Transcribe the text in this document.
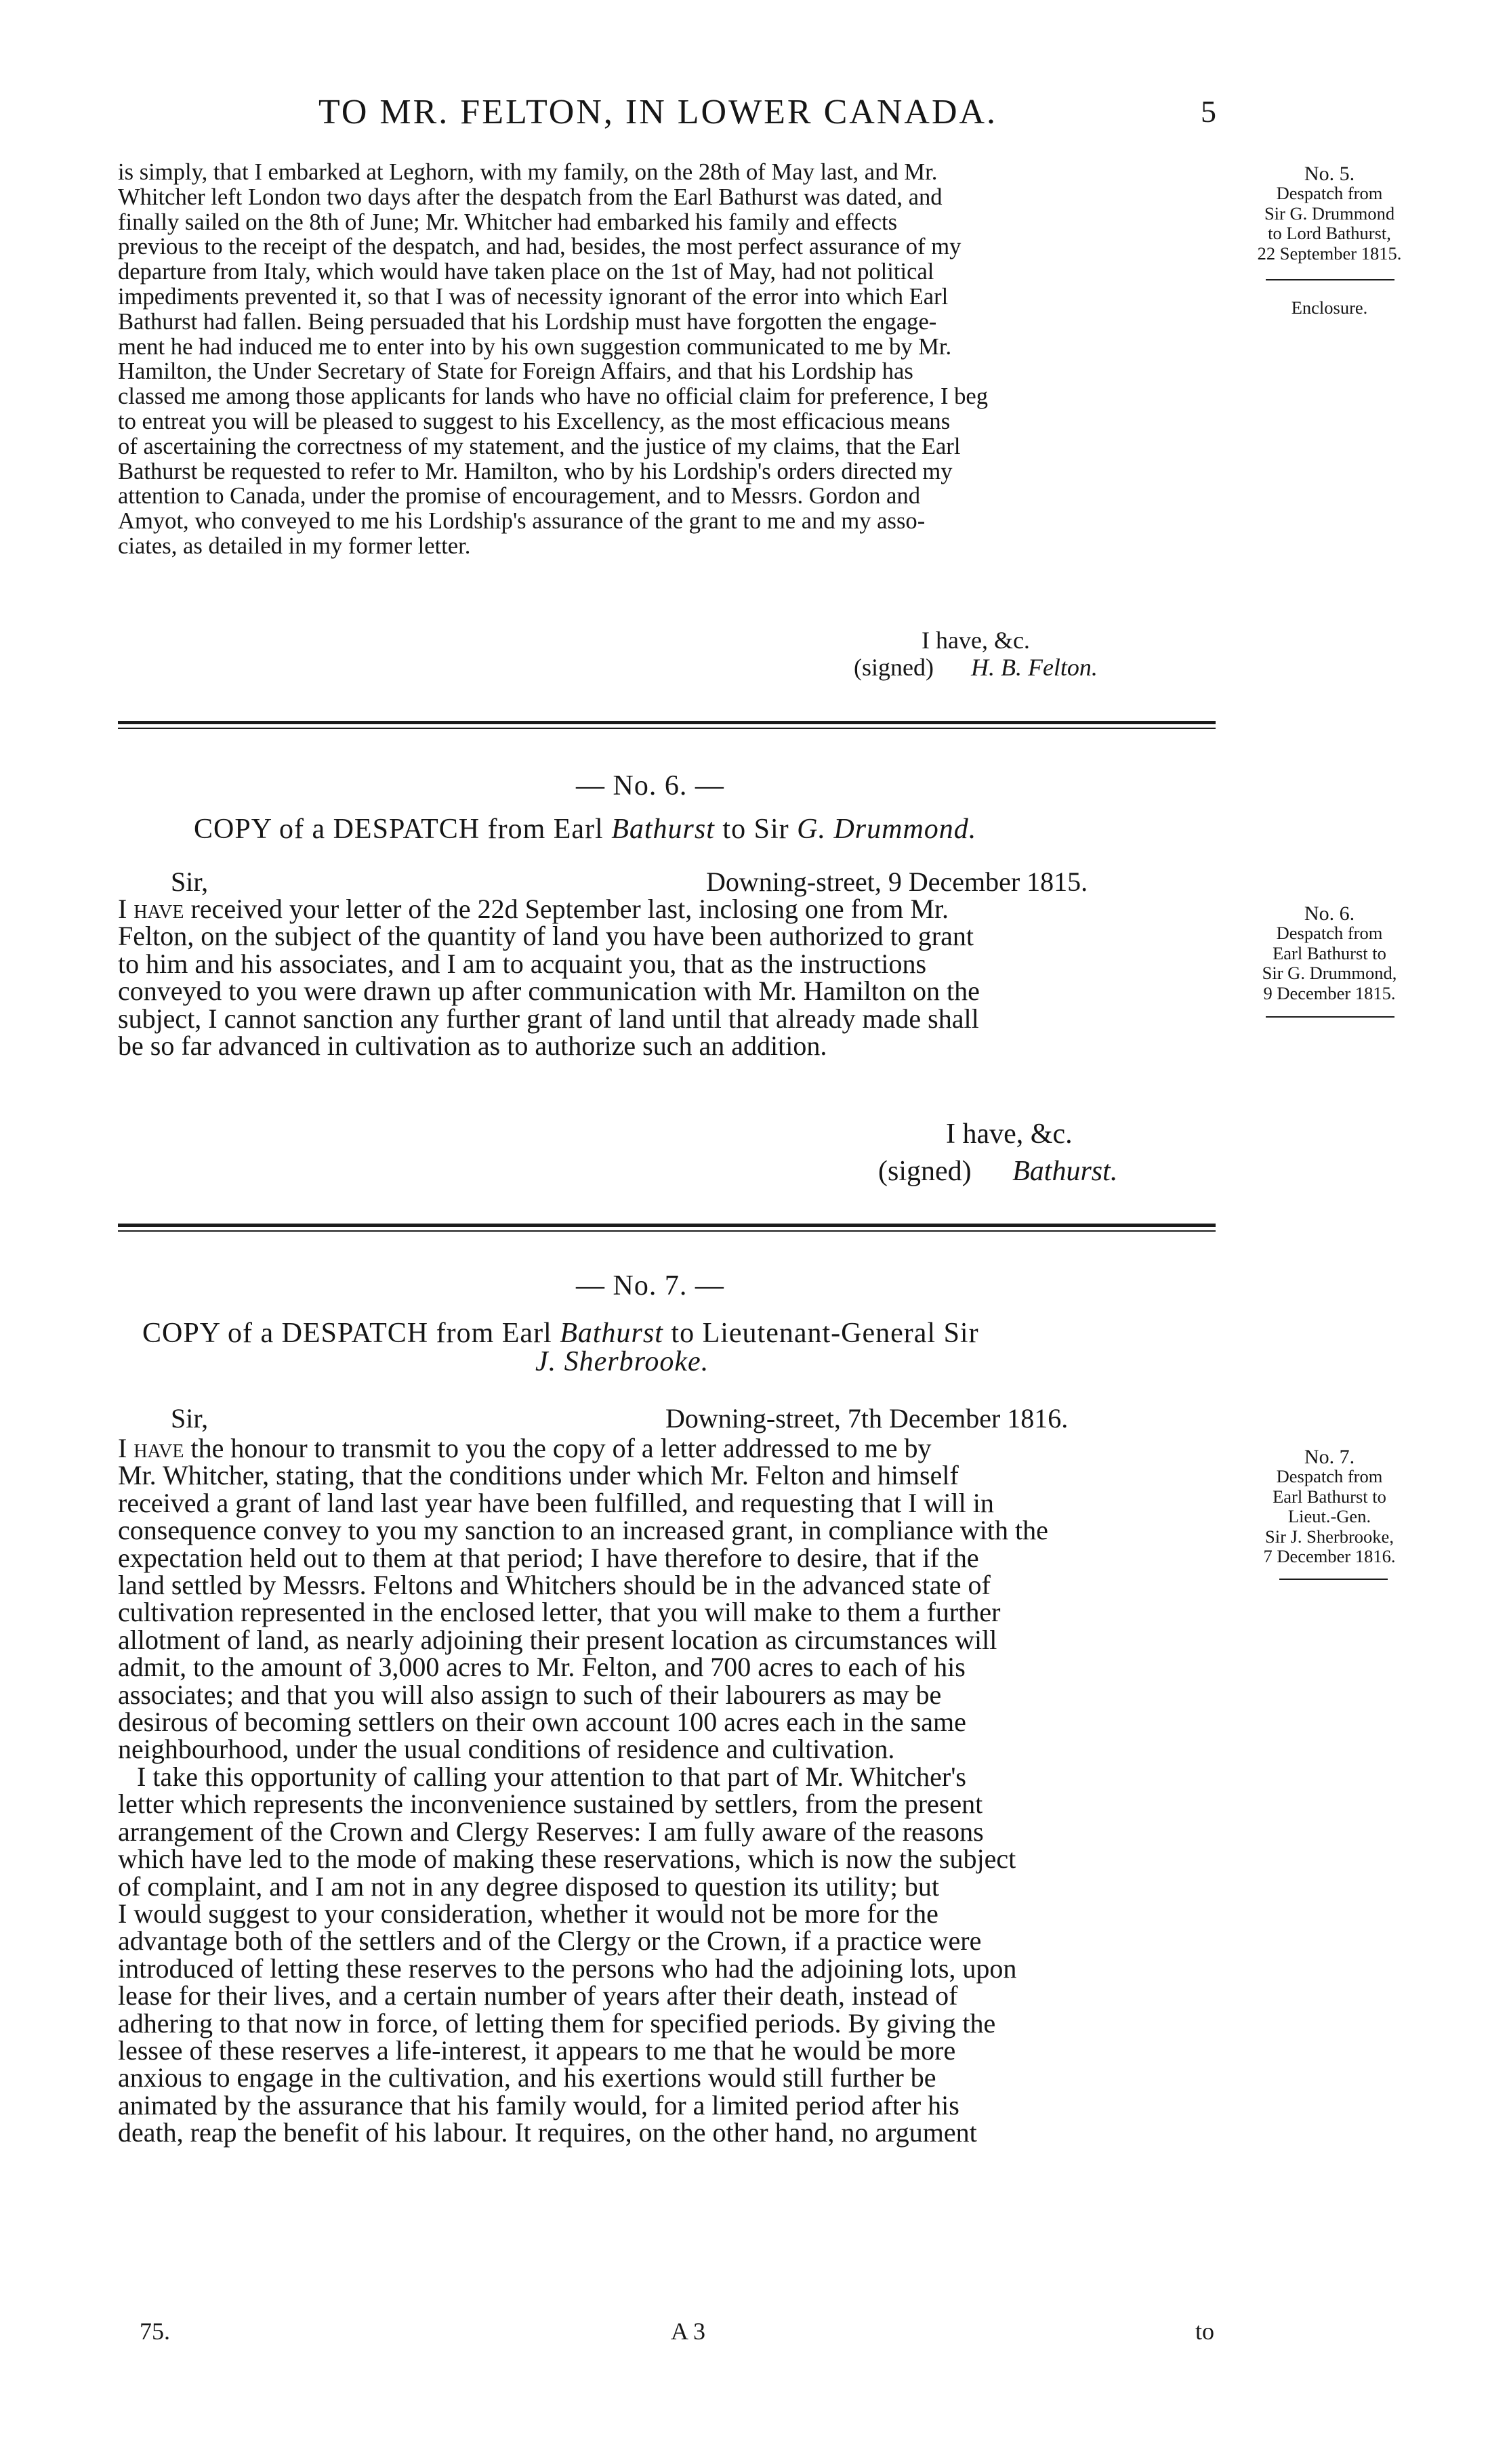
TO MR. FELTON, IN LOWER CANADA.	5

is simply, that I embarked at Leghorn, with my family, on the 28th of May last, and Mr.

Whitcher left London two days after the despatch from the Earl Bathurst was dated, and

finally sailed on the 8th of June; Mr. Whitcher had embarked his family and effects

previous to the receipt of the despatch, and had, besides, the most perfect assurance of my

departure from Italy, which would have taken place on the 1st of May, had not political

impediments prevented it, so that I was of necessity ignorant of the error into which Earl

Bathurst had fallen. Being persuaded that his Lordship must have forgotten the engage-

ment he had induced me to enter into by his own suggestion communicated to me by Mr.

Hamilton, the Under Secretary of State for Foreign Affairs, and that his Lordship has

classed me among those applicants for lands who have no official claim for preference, I beg

to entreat you will be pleased to suggest to his Excellency, as the most efficacious means

of ascertaining the correctness of my statement, and the justice of my claims, that the Earl

Bathurst be requested to refer to Mr. Hamilton, who by his Lordship's orders directed my

attention to Canada, under the promise of encouragement, and to Messrs. Gordon and

Amyot, who conveyed to me his Lordship's assurance of the grant to me and my asso-

ciates, as detailed in my former letter.

I have, &c.
(signed) H. B. Felton.
No. 5.
Despatch from
Sir G. Drummond
to Lord Bathurst,
22 September 1815.
Enclosure.
— No. 6. —
COPY of a DESPATCH from Earl Bathurst to Sir G. Drummond.
Sir,	Downing-street, 9 December 1815.

I have received your letter of the 22d September last, inclosing one from Mr.

Felton, on the subject of the quantity of land you have been authorized to grant

to him and his associates, and I am to acquaint you, that as the instructions

conveyed to you were drawn up after communication with Mr. Hamilton on the

subject, I cannot sanction any further grant of land until that already made shall

be so far advanced in cultivation as to authorize such an addition.

I have, &c.
(signed) Bathurst.
No. 6.
Despatch from
Earl Bathurst to
Sir G. Drummond,
9 December 1815.
— No. 7. —
COPY of a DESPATCH from Earl Bathurst to Lieutenant-General Sir
J. Sherbrooke.
Sir,	Downing-street, 7th December 1816.

I have the honour to transmit to you the copy of a letter addressed to me by

Mr. Whitcher, stating, that the conditions under which Mr. Felton and himself

received a grant of land last year have been fulfilled, and requesting that I will in

consequence convey to you my sanction to an increased grant, in compliance with the

expectation held out to them at that period; I have therefore to desire, that if the

land settled by Messrs. Feltons and Whitchers should be in the advanced state of

cultivation represented in the enclosed letter, that you will make to them a further

allotment of land, as nearly adjoining their present location as circumstances will

admit, to the amount of 3,000 acres to Mr. Felton, and 700 acres to each of his

associates; and that you will also assign to such of their labourers as may be

desirous of becoming settlers on their own account 100 acres each in the same

neighbourhood, under the usual conditions of residence and cultivation.

I take this opportunity of calling your attention to that part of Mr. Whitcher's

letter which represents the inconvenience sustained by settlers, from the present

arrangement of the Crown and Clergy Reserves: I am fully aware of the reasons

which have led to the mode of making these reservations, which is now the subject

of complaint, and I am not in any degree disposed to question its utility; but

I would suggest to your consideration, whether it would not be more for the

advantage both of the settlers and of the Clergy or the Crown, if a practice were

introduced of letting these reserves to the persons who had the adjoining lots, upon

lease for their lives, and a certain number of years after their death, instead of

adhering to that now in force, of letting them for specified periods. By giving the

lessee of these reserves a life-interest, it appears to me that he would be more

anxious to engage in the cultivation, and his exertions would still further be

animated by the assurance that his family would, for a limited period after his

death, reap the benefit of his labour. It requires, on the other hand, no argument

No. 7.
Despatch from
Earl Bathurst to
Lieut.-Gen.
Sir J. Sherbrooke,
7 December 1816.
75.	A 3	to
